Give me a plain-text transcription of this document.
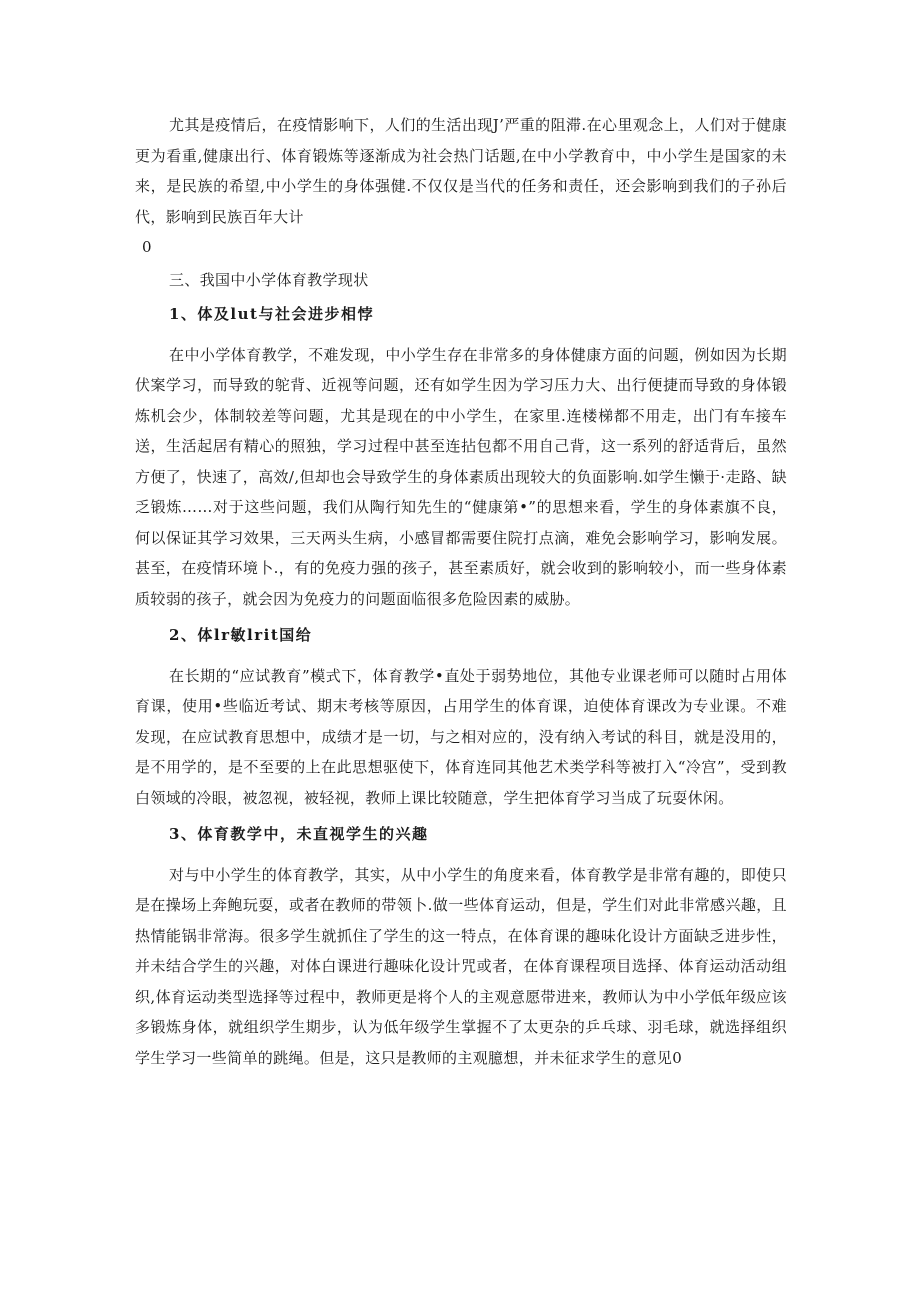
尤其是疫情后，在疫情影响下，人们的生活出现J’严重的阻滞.在心里观念上，人们对于健康更为看重,健康出行、体育锻炼等逐渐成为社会热门话题,在中小学教育中，中小学生是国家的未来，是民族的希望,中小学生的身体强健.不仅仅是当代的任务和责任，还会影响到我们的子孙后代，影响到民族百年大计

0

三、我国中小学体育教学现状

1、体及lut与社会进步相悖

在中小学体育教学，不难发现，中小学生存在非常多的身体健康方面的问题，例如因为长期伏案学习，而导致的鸵背、近视等问题，还有如学生因为学习压力大、出行便捷而导致的身体锻炼机会少，体制较差等问题，尤其是现在的中小学生，在家里.连楼梯都不用走，出门有车接车送，生活起居有精心的照独，学习过程中甚至连拈包都不用自己背，这一系列的舒适背后，虽然方便了，快速了，高效/,但却也会导致学生的身体素质出现较大的负面影响.如学生懒于·走路、缺乏锻炼……对于这些问题，我们从陶行知先生的“健康第•”的思想来看，学生的身体素旗不良，何以保证其学习效果，三天两头生病，小感冒都需要住院打点滴，难免会影响学习，影响发展。甚至，在疫情环境卜.，有的免疫力强的孩子，甚至素质好，就会收到的影响较小，而一些身体素质较弱的孩子，就会因为免疫力的问题面临很多危险因素的威胁。

2、体lr敏lrit国给

在长期的“应试教育”模式下，体育教学•直处于弱势地位，其他专业课老师可以随时占用体育课，使用•些临近考试、期末考核等原因，占用学生的体育课，迫使体育课改为专业课。不难发现，在应试教育思想中，成绩才是一切，与之相对应的，没有纳入考试的科目，就是没用的，是不用学的，是不至要的上在此思想驱使下，体育连同其他艺术类学科等被打入“冷宫”，受到教白领域的冷眼，被忽视，被轻视，教师上课比较随意，学生把体育学习当成了玩耍休闲。

3、体育教学中，未直视学生的兴趣

对与中小学生的体育教学，其实，从中小学生的角度来看，体育教学是非常有趣的，即使只是在操场上奔鲍玩耍，或者在教师的带领卜.做一些体育运动，但是，学生们对此非常感兴趣，且热情能锅非常海。很多学生就抓住了学生的这一特点，在体育课的趣味化设计方面缺乏进步性，并未结合学生的兴趣，对体白课进行趣味化设计咒或者，在体育课程项目选择、体育运动活动组织,体育运动类型选择等过程中，教师更是将个人的主观意愿带进来，教师认为中小学低年级应该多锻炼身体，就组织学生期步，认为低年级学生掌握不了太更杂的乒乓球、羽毛球，就选择组织学生学习一些简单的跳绳。但是，这只是教师的主观臆想，并未征求学生的意见0
